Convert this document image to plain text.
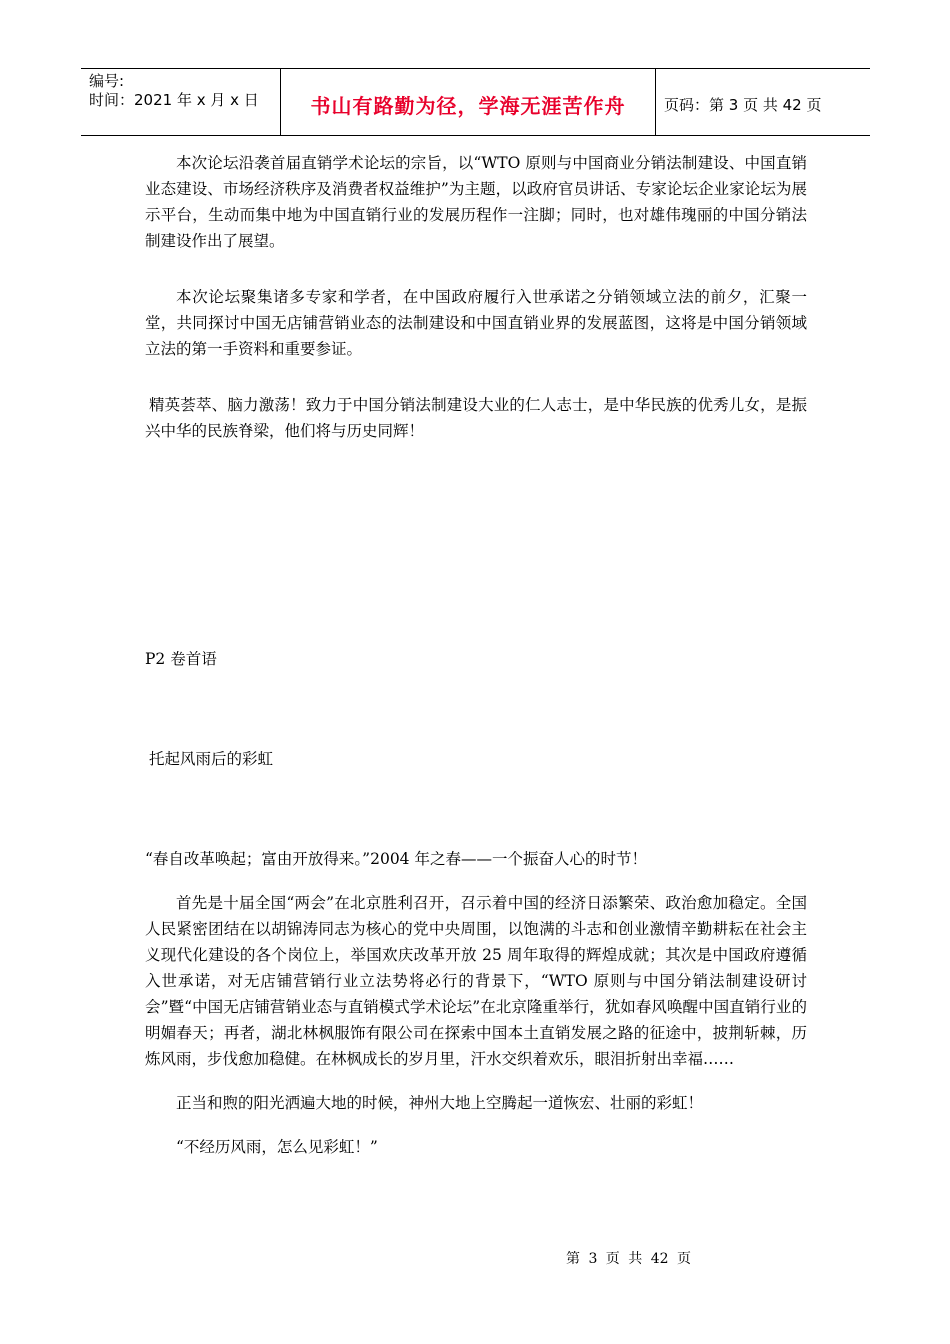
编号:
时间：2021 年 x 月 x 日	书山有路勤为径，学海无涯苦作舟	页码：第 3 页 共 42 页

本次论坛沿袭首届直销学术论坛的宗旨，以“WTO 原则与中国商业分销法制建设、中国直销业态建设、市场经济秩序及消费者权益维护”为主题，以政府官员讲话、专家论坛企业家论坛为展示平台，生动而集中地为中国直销行业的发展历程作一注脚；同时，也对雄伟瑰丽的中国分销法制建设作出了展望。

本次论坛聚集诸多专家和学者，在中国政府履行入世承诺之分销领域立法的前夕，汇聚一堂，共同探讨中国无店铺营销业态的法制建设和中国直销业界的发展蓝图，这将是中国分销领域立法的第一手资料和重要参证。

精英荟萃、脑力激荡！致力于中国分销法制建设大业的仁人志士，是中华民族的优秀儿女，是振兴中华的民族脊梁，他们将与历史同辉！

P2 卷首语

托起风雨后的彩虹

“春自改革唤起；富由开放得来。”2004 年之春——一个振奋人心的时节！

首先是十届全国“两会”在北京胜利召开，召示着中国的经济日添繁荣、政治愈加稳定。全国人民紧密团结在以胡锦涛同志为核心的党中央周围，以饱满的斗志和创业激情辛勤耕耘在社会主义现代化建设的各个岗位上，举国欢庆改革开放 25 周年取得的辉煌成就；其次是中国政府遵循入世承诺，对无店铺营销行业立法势将必行的背景下，“WTO 原则与中国分销法制建设研讨会”暨“中国无店铺营销业态与直销模式学术论坛”在北京隆重举行，犹如春风唤醒中国直销行业的明媚春天；再者，湖北林枫服饰有限公司在探索中国本土直销发展之路的征途中，披荆斩棘，历炼风雨，步伐愈加稳健。在林枫成长的岁月里，汗水交织着欢乐，眼泪折射出幸福……

正当和煦的阳光洒遍大地的时候，神州大地上空腾起一道恢宏、壮丽的彩虹！

“不经历风雨，怎么见彩虹！”

第 3 页 共 42 页
